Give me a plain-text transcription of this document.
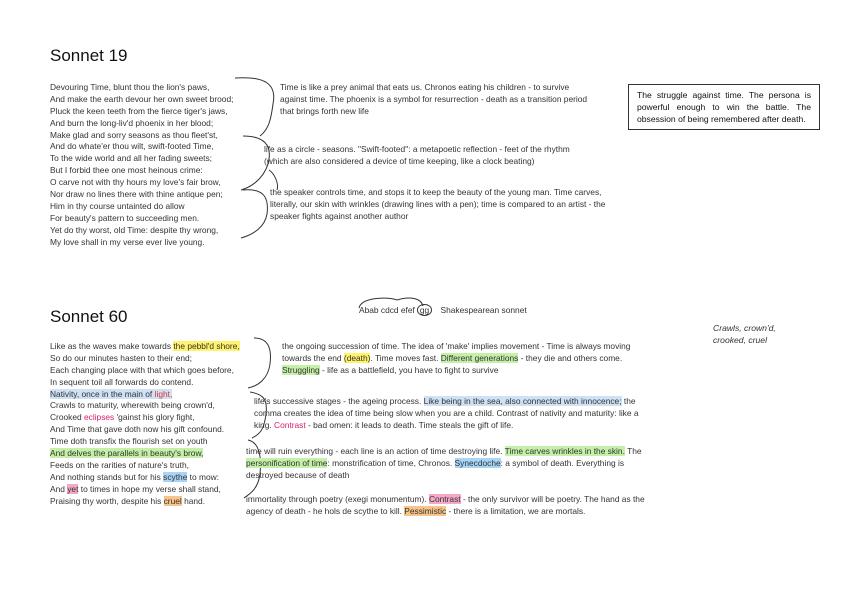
Sonnet 19
Devouring Time, blunt thou the lion's paws,
And make the earth devour her own sweet brood;
Pluck the keen teeth from the fierce tiger's jaws,
And burn the long-liv'd phoenix in her blood;
Make glad and sorry seasons as thou fleet'st,
And do whate'er thou wilt, swift-footed Time,
To the wide world and all her fading sweets;
But I forbid thee one most heinous crime:
O carve not with thy hours my love's fair brow,
Nor draw no lines there with thine antique pen;
Him in thy course untainted do allow
For beauty's pattern to succeeding men.
Yet do thy worst, old Time: despite thy wrong,
My love shall in my verse ever live young.
Time is like a prey animal that eats us. Chronos eating his children - to survive against time. The phoenix is a symbol for resurrection - death as a transition period that brings forth new life
life as a circle - seasons. "Swift-footed": a metapoetic reflection - feet of the rhythm (which are also considered a device of time keeping, like a clock beating)
the speaker controls time, and stops it to keep the beauty of the young man. Time carves, literally, our skin with wrinkles (drawing lines with a pen); time is compared to an artist - the speaker fights against another author
The struggle against time. The persona is powerful enough to win the battle. The obsession of being remembered after death.
Abab cdcd efef gg Shakespearean sonnet
Sonnet 60
Crawls, crown'd, crooked, cruel
Like as the waves make towards the pebbl'd shore,
So do our minutes hasten to their end;
Each changing place with that which goes before,
In sequent toil all forwards do contend.
Nativity, once in the main of light,
Crawls to maturity, wherewith being crown'd,
Crooked eclipses 'gainst his glory fight,
And Time that gave doth now his gift confound.
Time doth transfix the flourish set on youth
And delves the parallels in beauty's brow,
Feeds on the rarities of nature's truth,
And nothing stands but for his scythe to mow:
And yet to times in hope my verse shall stand,
Praising thy worth, despite his cruel hand.
the ongoing succession of time. The idea of 'make' implies movement - Time is always moving towards the end (death). Time moves fast. Different generations - they die and others come. Struggling - life as a battlefield, you have to fight to survive
life's successive stages - the ageing process. Like being in the sea, also connected with innocence; the comma creates the idea of time being slow when you are a child. Contrast of nativity and maturity: like a king. Contrast - bad omen: it leads to death. Time steals the gift of life.
time will ruin everything - each line is an action of time destroying life. Time carves wrinkles in the skin. The personification of time: monstrification of time, Chronos. Synecdoche: a symbol of death. Everything is destroyed because of death
immortality through poetry (exegi monumentum). Contrast - the only survivor will be poetry. The hand as the agency of death - he hols de scythe to kill. Pessimistic - there is a limitation, we are mortals.
